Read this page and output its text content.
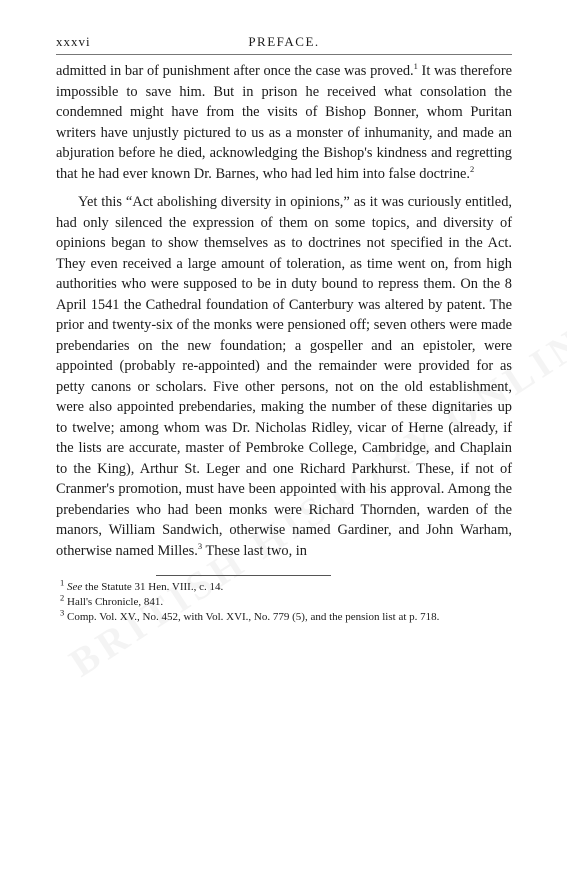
xxxvi	PREFACE.

admitted in bar of punishment after once the case was proved.$^1$ It was therefore impossible to save him. But in prison he received what consolation the condemned might have from the visits of Bishop Bonner, whom Puritan writers have unjustly pictured to us as a monster of inhumanity, and made an abjuration before he died, acknowledging the Bishop's kindness and regretting that he had ever known Dr. Barnes, who had led him into false doctrine.$^2$

Yet this “Act abolishing diversity in opinions,” as it was curiously entitled, had only silenced the expression of them on some topics, and diversity of opinions began to show themselves as to doctrines not specified in the Act. They even received a large amount of toleration, as time went on, from high authorities who were supposed to be in duty bound to repress them. On the 8 April 1541 the Cathedral foundation of Canterbury was altered by patent. The prior and twenty-six of the monks were pensioned off; seven others were made prebendaries on the new foundation; a gospeller and an epistoler, were appointed (probably re-appointed) and the remainder were provided for as petty canons or scholars. Five other persons, not on the old establishment, were also appointed prebendaries, making the number of these dignitaries up to twelve; among whom was Dr. Nicholas Ridley, vicar of Herne (already, if the lists are accurate, master of Pembroke College, Cambridge, and Chaplain to the King), Arthur St. Leger and one Richard Parkhurst. These, if not of Cranmer's promotion, must have been appointed with his approval. Among the prebendaries who had been monks were Richard Thornden, warden of the manors, William Sandwich, otherwise named Gardiner, and John Warham, otherwise named Milles.$^3$ These last two, in

$^1$ See the Statute 31 Hen. VIII., c. 14.

$^2$ Hall's Chronicle, 841.

$^3$ Comp. Vol. XV., No. 452, with Vol. XVI., No. 779 (5), and the pension list at p. 718.
